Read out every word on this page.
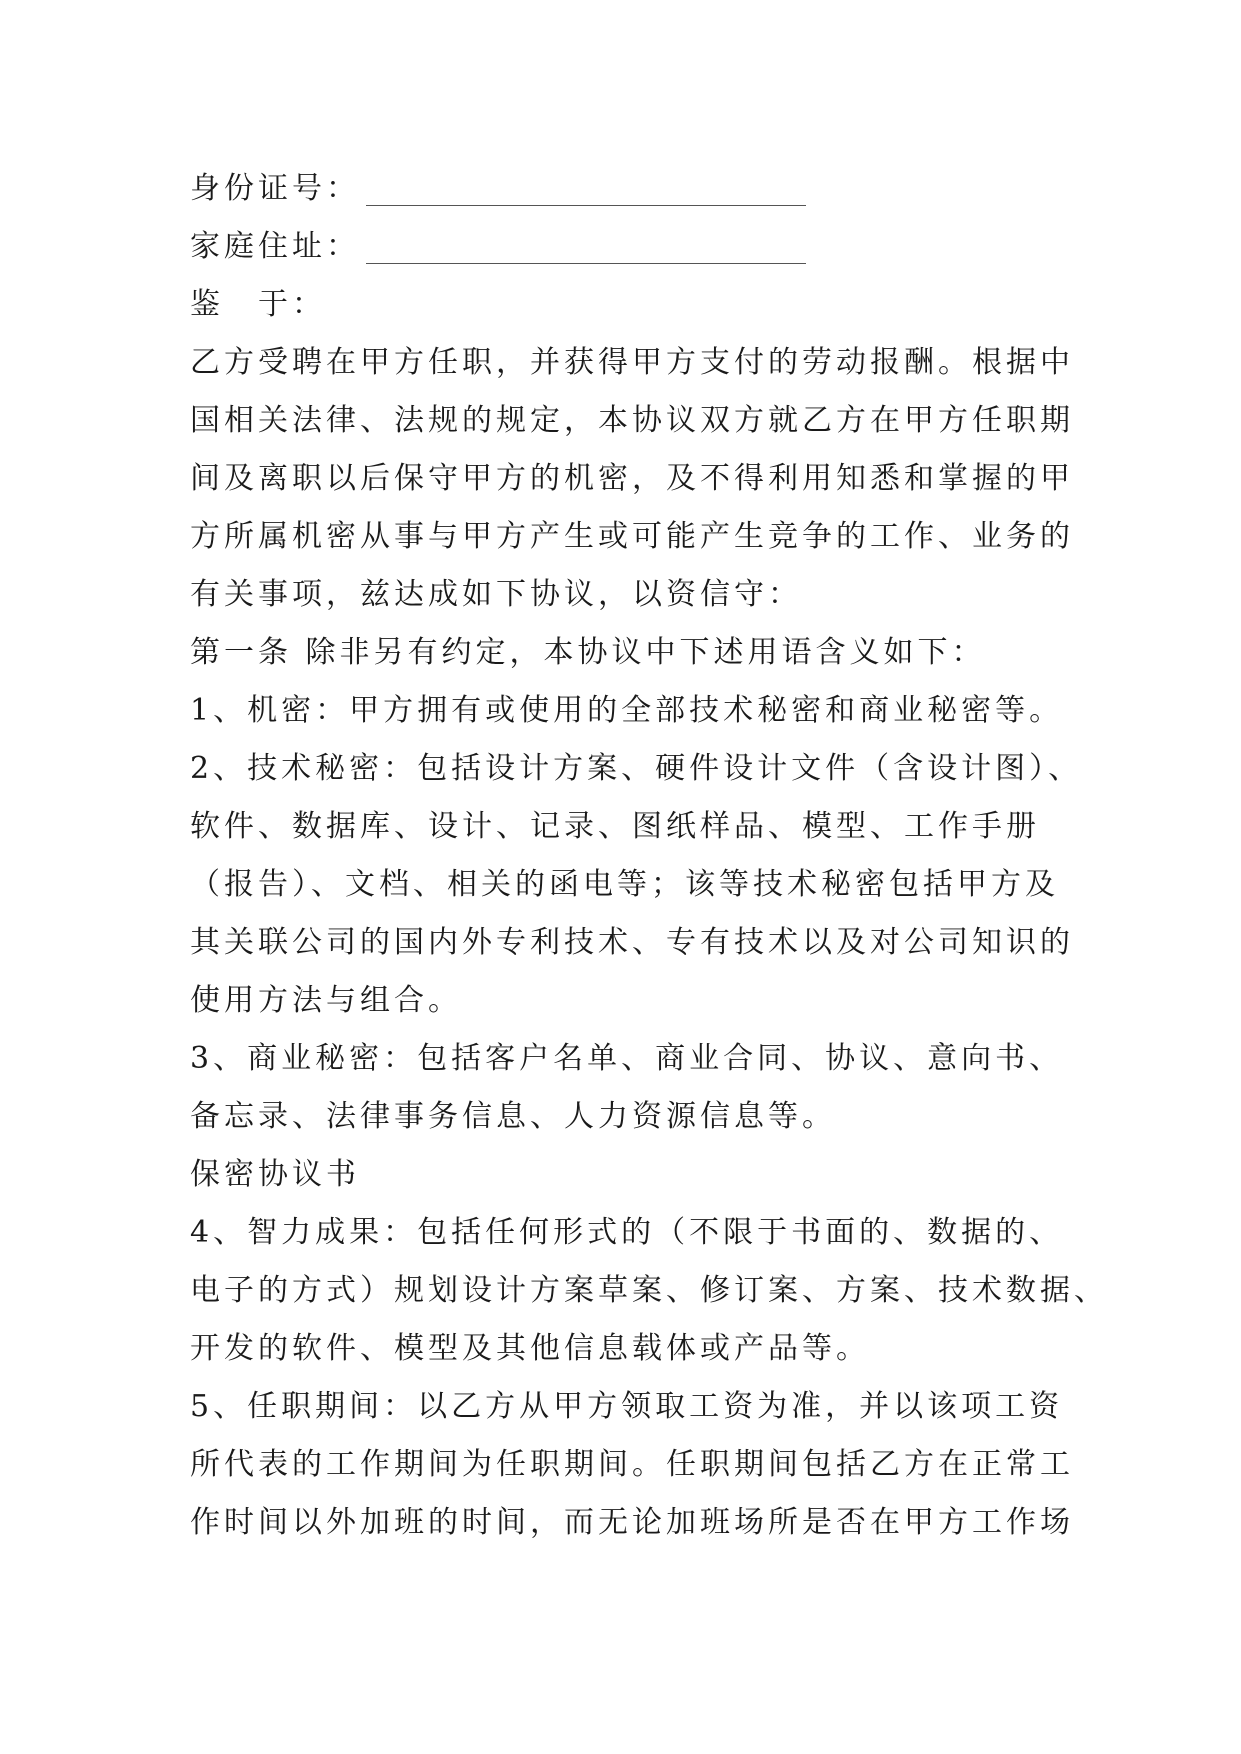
身份证号：
家庭住址：

鉴　于：

乙方受聘在甲方任职，并获得甲方支付的劳动报酬。根据中

国相关法律、法规的规定，本协议双方就乙方在甲方任职期

间及离职以后保守甲方的机密，及不得利用知悉和掌握的甲

方所属机密从事与甲方产生或可能产生竞争的工作、业务的

有关事项，兹达成如下协议，以资信守：

第一条 除非另有约定，本协议中下述用语含义如下：

1、机密：甲方拥有或使用的全部技术秘密和商业秘密等。

2、技术秘密：包括设计方案、硬件设计文件（含设计图）、

软件、数据库、设计、记录、图纸样品、模型、工作手册

（报告）、文档、相关的函电等；该等技术秘密包括甲方及

其关联公司的国内外专利技术、专有技术以及对公司知识的

使用方法与组合。

3、商业秘密：包括客户名单、商业合同、协议、意向书、

备忘录、法律事务信息、人力资源信息等。

保密协议书

4、智力成果：包括任何形式的（不限于书面的、数据的、

电子的方式）规划设计方案草案、修订案、方案、技术数据、

开发的软件、模型及其他信息载体或产品等。

5、任职期间：以乙方从甲方领取工资为准，并以该项工资

所代表的工作期间为任职期间。任职期间包括乙方在正常工

作时间以外加班的时间，而无论加班场所是否在甲方工作场
